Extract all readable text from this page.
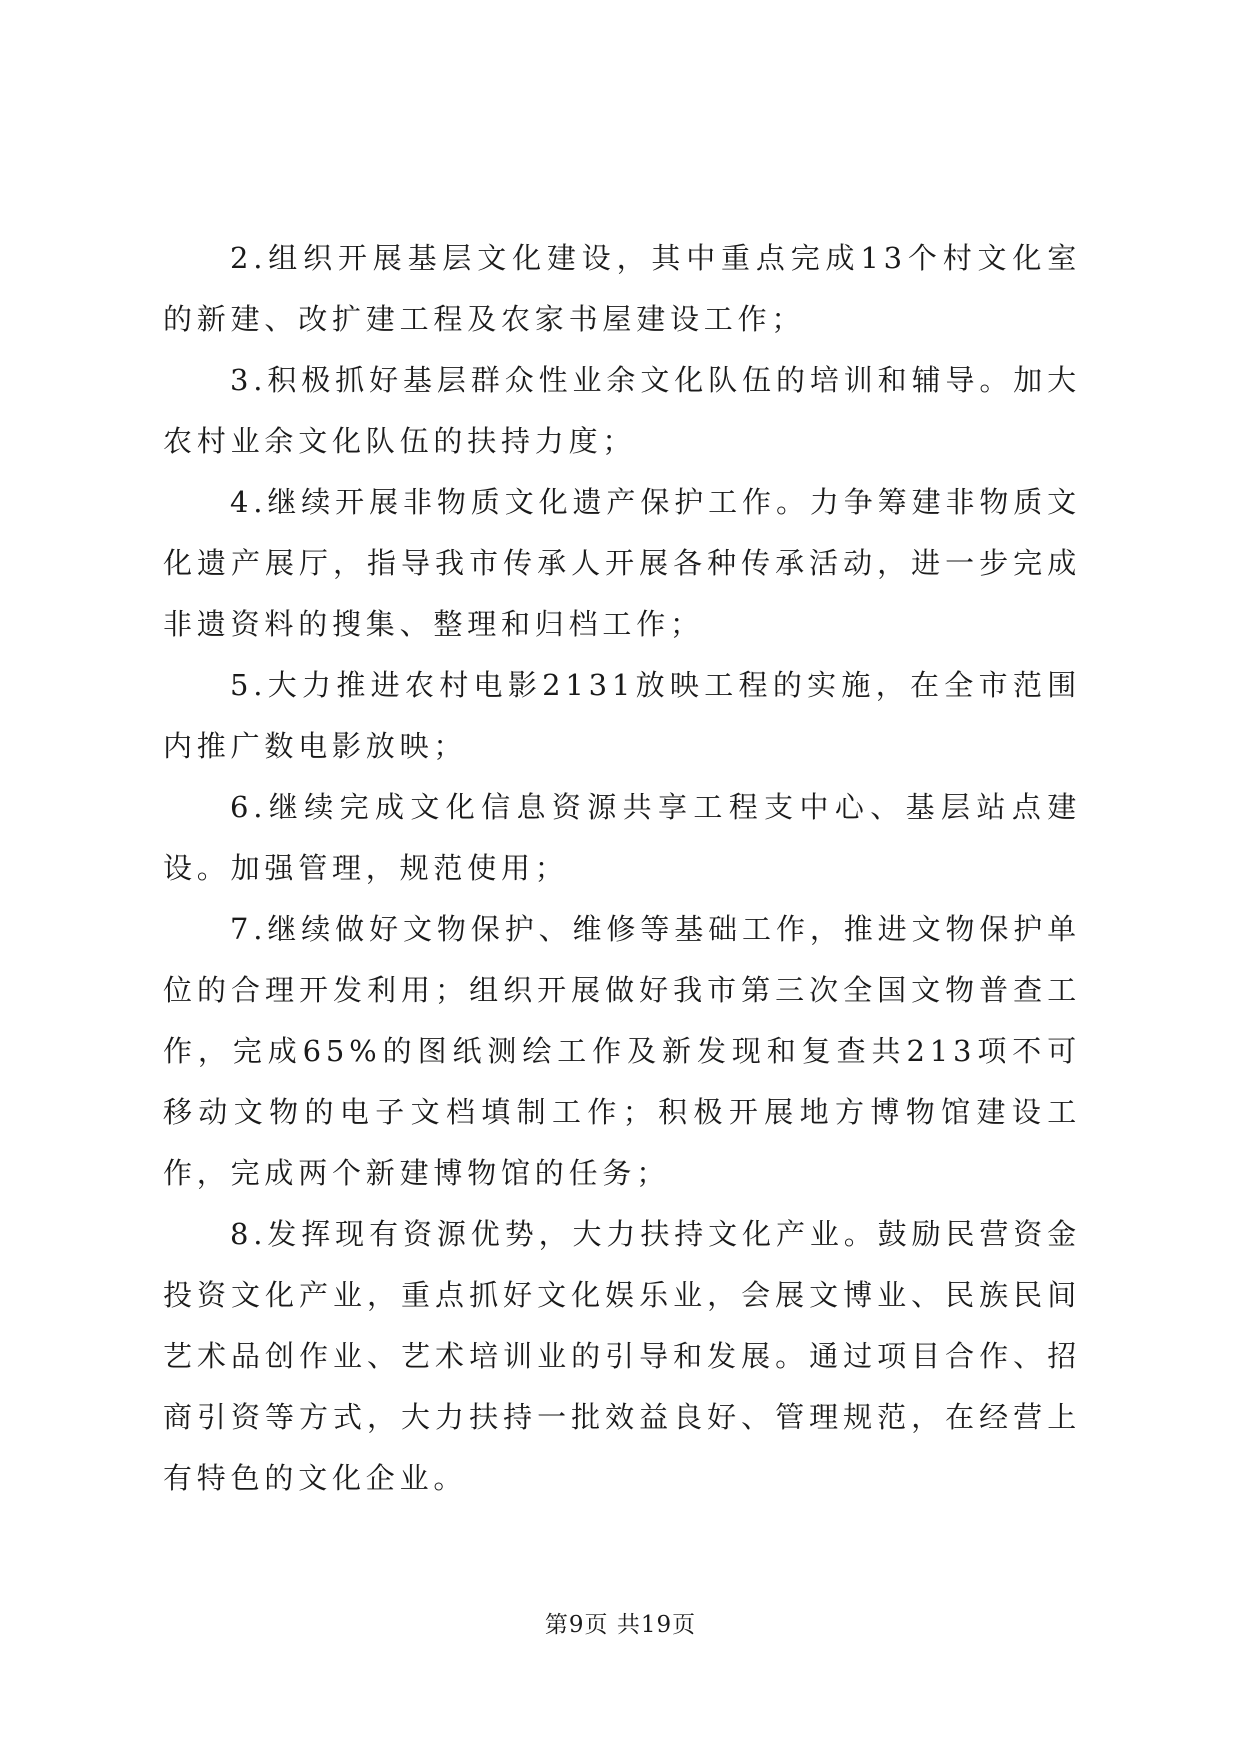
2.组织开展基层文化建设，其中重点完成13个村文化室的新建、改扩建工程及农家书屋建设工作；

3.积极抓好基层群众性业余文化队伍的培训和辅导。加大农村业余文化队伍的扶持力度；

4.继续开展非物质文化遗产保护工作。力争筹建非物质文化遗产展厅，指导我市传承人开展各种传承活动，进一步完成非遗资料的搜集、整理和归档工作；

5.大力推进农村电影2131放映工程的实施，在全市范围内推广数电影放映；

6.继续完成文化信息资源共享工程支中心、基层站点建设。加强管理，规范使用；

7.继续做好文物保护、维修等基础工作，推进文物保护单位的合理开发利用；组织开展做好我市第三次全国文物普查工作，完成65%的图纸测绘工作及新发现和复查共213项不可移动文物的电子文档填制工作；积极开展地方博物馆建设工作，完成两个新建博物馆的任务；

8.发挥现有资源优势，大力扶持文化产业。鼓励民营资金投资文化产业，重点抓好文化娱乐业，会展文博业、民族民间艺术品创作业、艺术培训业的引导和发展。通过项目合作、招商引资等方式，大力扶持一批效益良好、管理规范，在经营上有特色的文化企业。

第9页 共19页
